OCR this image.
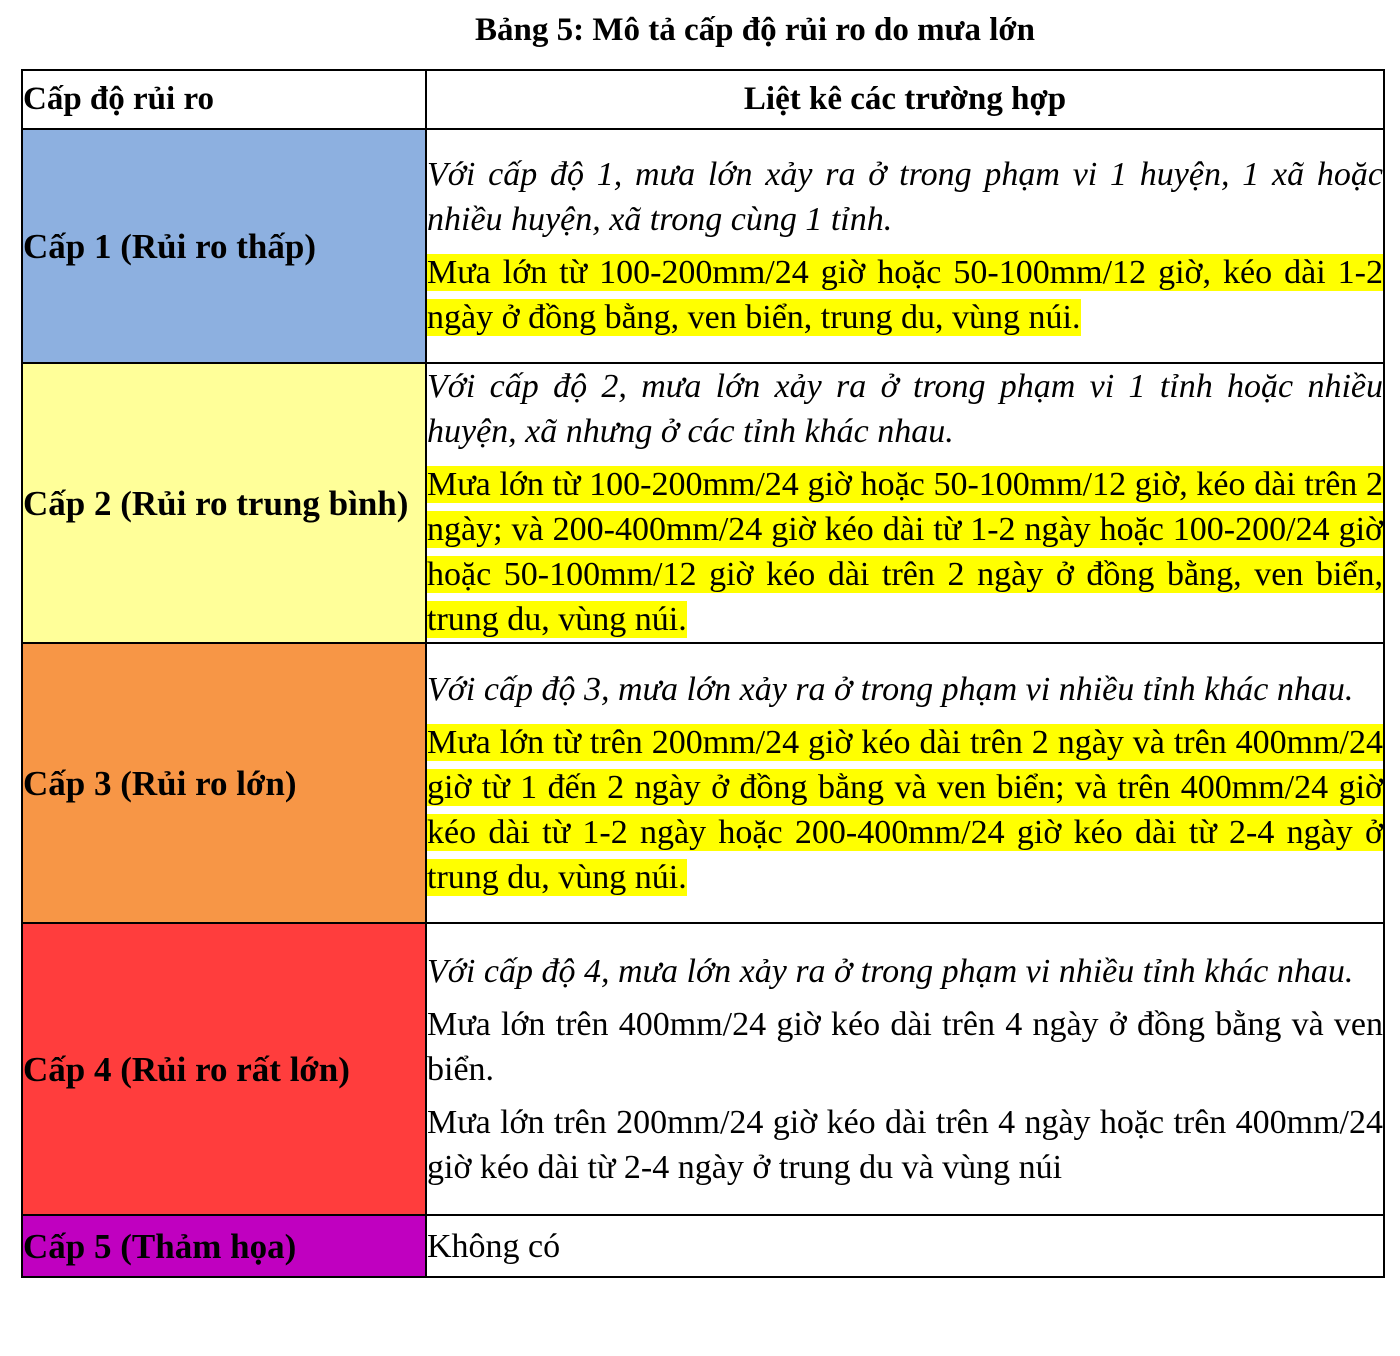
Bảng 5: Mô tả cấp độ rủi ro do mưa lớn
Cấp độ rủi ro	Liệt kê các trường hợp

Cấp 1 (Rủi ro thấp)	Với cấp độ 1, mưa lớn xảy ra ở trong phạm vi 1 huyện, 1 xã hoặc nhiều huyện, xã trong cùng 1 tỉnh.

Mưa lớn từ 100-200mm/24 giờ hoặc 50-100mm/12 giờ, kéo dài 1-2 ngày ở đồng bằng, ven biển, trung du, vùng núi.

Cấp 2 (Rủi ro trung bình)	Với cấp độ 2, mưa lớn xảy ra ở trong phạm vi 1 tỉnh hoặc nhiều huyện, xã nhưng ở các tỉnh khác nhau.

Mưa lớn từ 100-200mm/24 giờ hoặc 50-100mm/12 giờ, kéo dài trên 2 ngày; và 200-400mm/24 giờ kéo dài từ 1-2 ngày hoặc 100-200/24 giờ hoặc 50-100mm/12 giờ kéo dài trên 2 ngày ở đồng bằng, ven biển, trung du, vùng núi.

Cấp 3 (Rủi ro lớn)	Với cấp độ 3, mưa lớn xảy ra ở trong phạm vi nhiều tỉnh khác nhau.

Mưa lớn từ trên 200mm/24 giờ kéo dài trên 2 ngày và trên 400mm/24 giờ từ 1 đến 2 ngày ở đồng bằng và ven biển; và trên 400mm/24 giờ kéo dài từ 1-2 ngày hoặc 200-400mm/24 giờ kéo dài từ 2-4 ngày ở trung du, vùng núi.

Cấp 4 (Rủi ro rất lớn)	Với cấp độ 4, mưa lớn xảy ra ở trong phạm vi nhiều tỉnh khác nhau.

Mưa lớn trên 400mm/24 giờ kéo dài trên 4 ngày ở đồng bằng và ven biển.

Mưa lớn trên 200mm/24 giờ kéo dài trên 4 ngày hoặc trên 400mm/24 giờ kéo dài từ 2-4 ngày ở trung du và vùng núi

Cấp 5 (Thảm họa)	Không có
